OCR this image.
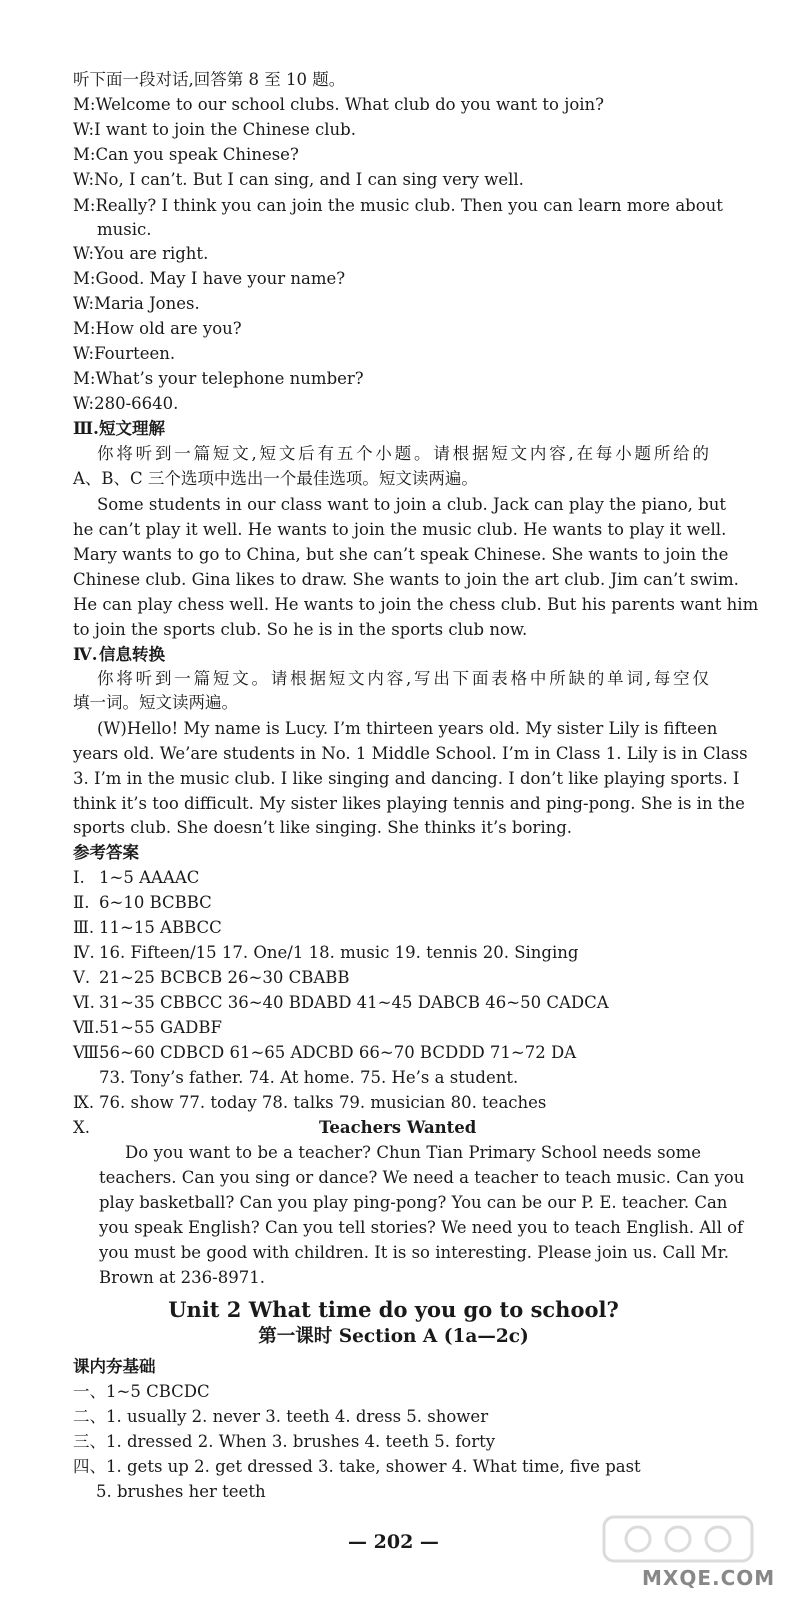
听下面一段对话,回答第 8 至 10 题。
M:Welcome to our school clubs. What club do you want to join?
W:I want to join the Chinese club.
M:Can you speak Chinese?
W:No, I can’t. But I can sing, and I can sing very well.
M:Really? I think you can join the music club. Then you can learn more about
music.
W:You are right.
M:Good. May I have your name?
W:Maria Jones.
M:How old are you?
W:Fourteen.
M:What’s your telephone number?
W:280-6640.
Ⅲ.短文理解
你将听到一篇短文,短文后有五个小题。请根据短文内容,在每小题所给的
A、B、C 三个选项中选出一个最佳选项。短文读两遍。
Some students in our class want to join a club. Jack can play the piano, but
he can’t play it well. He wants to join the music club. He wants to play it well.
Mary wants to go to China, but she can’t speak Chinese. She wants to join the
Chinese club. Gina likes to draw. She wants to join the art club. Jim can’t swim.
He can play chess well. He wants to join the chess club. But his parents want him
to join the sports club. So he is in the sports club now.
Ⅳ.信息转换
你将听到一篇短文。请根据短文内容,写出下面表格中所缺的单词,每空仅
填一词。短文读两遍。
(W)Hello! My name is Lucy. I’m thirteen years old. My sister Lily is fifteen
years old. We’are students in No. 1 Middle School. I’m in Class 1. Lily is in Class
3. I’m in the music club. I like singing and dancing. I don’t like playing sports. I
think it’s too difficult. My sister likes playing tennis and ping-pong. She is in the
sports club. She doesn’t like singing. She thinks it’s boring.
参考答案
Ⅰ. 1~5 AAAAC
Ⅱ. 6~10 BCBBC
Ⅲ. 11~15 ABBCC
Ⅳ. 16. Fifteen/15 17. One/1 18. music 19. tennis 20. Singing
Ⅴ. 21~25 BCBCB 26~30 CBABB
Ⅵ. 31~35 CBBCC 36~40 BDABD 41~45 DABCB 46~50 CADCA
Ⅶ.51~55 GADBF
Ⅷ.56~60 CDBCD 61~65 ADCBD 66~70 BCDDD 71~72 DA
73. Tony’s father. 74. At home. 75. He’s a student.
Ⅸ. 76. show 77. today 78. talks 79. musician 80. teaches
Ⅹ.	Teachers Wanted
Do you want to be a teacher? Chun Tian Primary School needs some
teachers. Can you sing or dance? We need a teacher to teach music. Can you
play basketball? Can you play ping-pong? You can be our P. E. teacher. Can
you speak English? Can you tell stories? We need you to teach English. All of
you must be good with children. It is so interesting. Please join us. Call Mr.
Brown at 236-8971.
Unit 2 What time do you go to school?
第一课时 Section A (1a—2c)
课内夯基础
一、1~5 CBCDC
二、1. usually 2. never 3. teeth 4. dress 5. shower
三、1. dressed 2. When 3. brushes 4. teeth 5. forty
四、1. gets up 2. get dressed 3. take, shower 4. What time, five past
5. brushes her teeth
— 202 —
MXQE.COM
